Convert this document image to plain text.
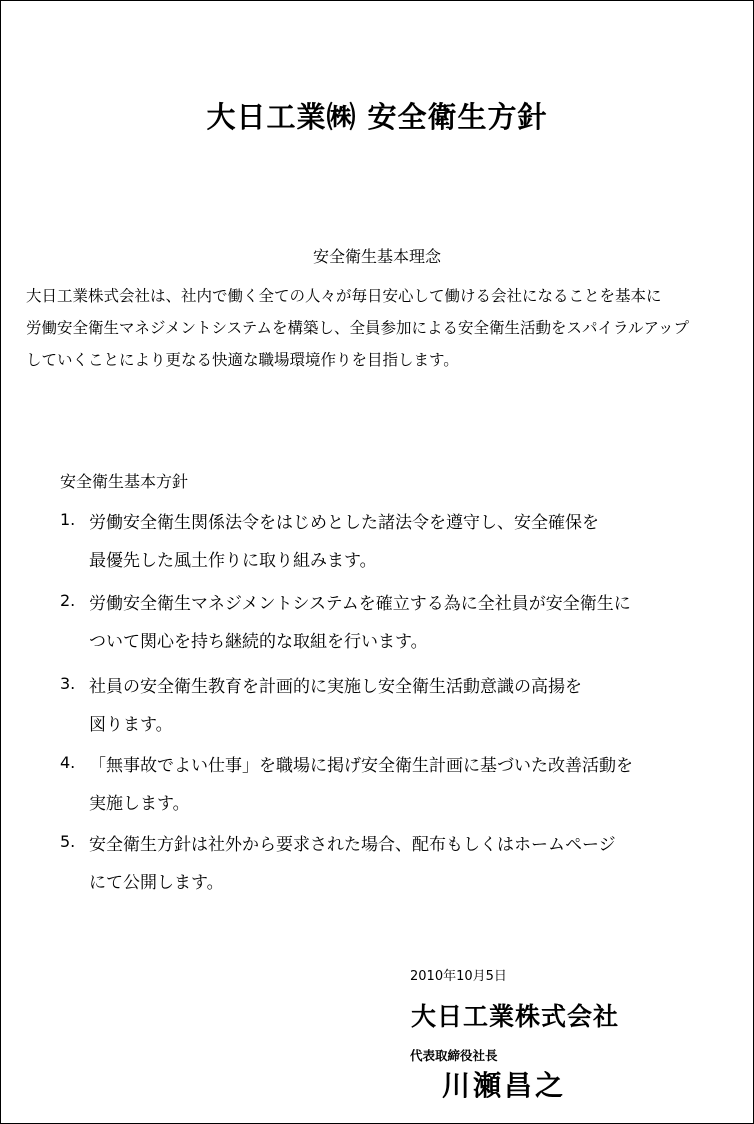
大日工業㈱ 安全衛生方針
安全衛生基本理念
大日工業株式会社は、社内で働く全ての人々が毎日安心して働ける会社になることを基本に
労働安全衛生マネジメントシステムを構築し、全員参加による安全衛生活動をスパイラルアップ
していくことにより更なる快適な職場環境作りを目指します。
安全衛生基本方針
1. 労働安全衛生関係法令をはじめとした諸法令を遵守し、安全確保を
最優先した風土作りに取り組みます。
2. 労働安全衛生マネジメントシステムを確立する為に全社員が安全衛生に
ついて関心を持ち継続的な取組を行います。
3. 社員の安全衛生教育を計画的に実施し安全衛生活動意識の高揚を
図ります。
4. 「無事故でよい仕事」を職場に掲げ安全衛生計画に基づいた改善活動を
実施します。
5. 安全衛生方針は社外から要求された場合、配布もしくはホームページ
にて公開します。
2010年10月5日
大日工業株式会社
代表取締役社長
川瀬昌之
